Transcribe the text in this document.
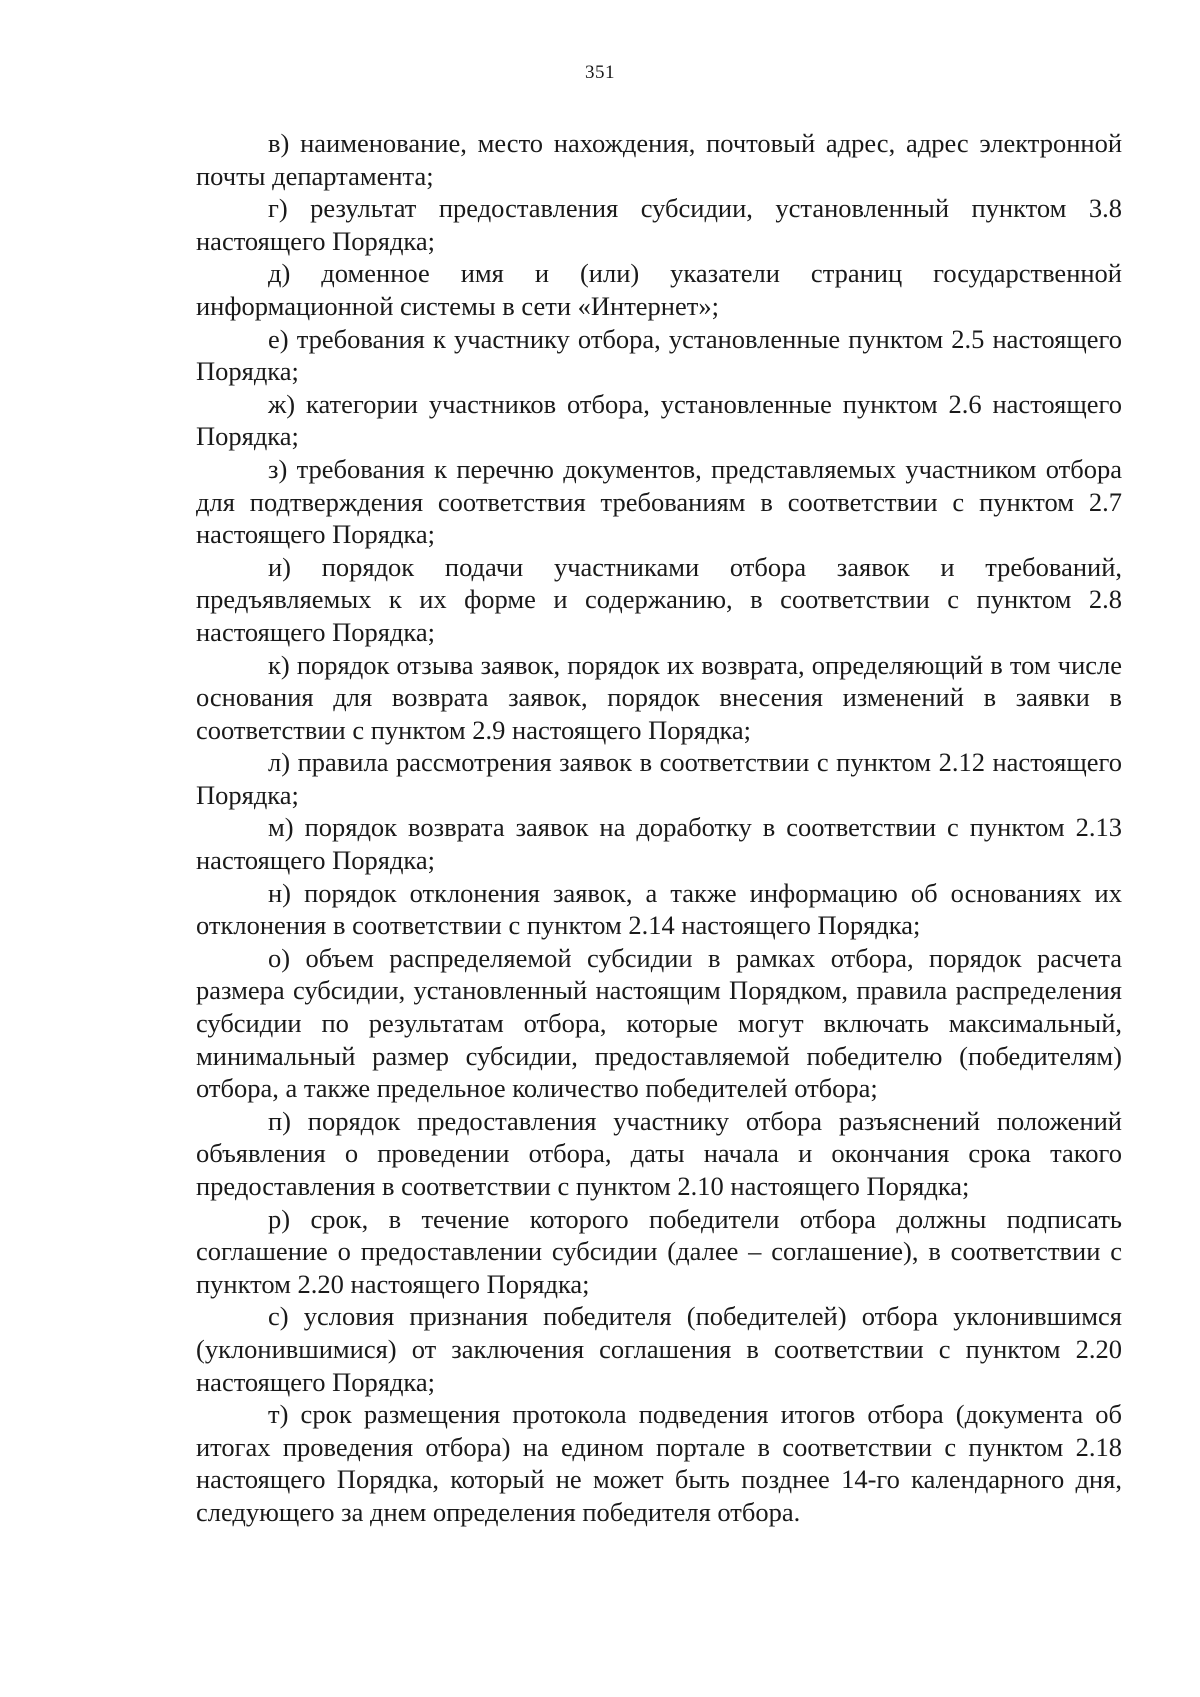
351

в) наименование, место нахождения, почтовый адрес, адрес электронной почты департамента;

г) результат предоставления субсидии, установленный пунктом 3.8 настоящего Порядка;

д) доменное имя и (или) указатели страниц государственной информационной системы в сети «Интернет»;

е) требования к участнику отбора, установленные пунктом 2.5 настоящего Порядка;

ж) категории участников отбора, установленные пунктом 2.6 настоящего Порядка;

з) требования к перечню документов, представляемых участником отбора для подтверждения соответствия требованиям в соответствии с пунктом 2.7 настоящего Порядка;

и) порядок подачи участниками отбора заявок и требований, предъявляемых к их форме и содержанию, в соответствии с пунктом 2.8 настоящего Порядка;

к) порядок отзыва заявок, порядок их возврата, определяющий в том числе основания для возврата заявок, порядок внесения изменений в заявки в соответствии с пунктом 2.9 настоящего Порядка;

л) правила рассмотрения заявок в соответствии с пунктом 2.12 настоящего Порядка;

м) порядок возврата заявок на доработку в соответствии с пунктом 2.13 настоящего Порядка;

н) порядок отклонения заявок, а также информацию об основаниях их отклонения в соответствии с пунктом 2.14 настоящего Порядка;

о) объем распределяемой субсидии в рамках отбора, порядок расчета размера субсидии, установленный настоящим Порядком, правила распределения субсидии по результатам отбора, которые могут включать максимальный, минимальный размер субсидии, предоставляемой победителю (победителям) отбора, а также предельное количество победителей отбора;

п) порядок предоставления участнику отбора разъяснений положений объявления о проведении отбора, даты начала и окончания срока такого предоставления в соответствии с пунктом 2.10 настоящего Порядка;

р) срок, в течение которого победители отбора должны подписать соглашение о предоставлении субсидии (далее – соглашение), в соответствии с пунктом 2.20 настоящего Порядка;

с) условия признания победителя (победителей) отбора уклонившимся (уклонившимися) от заключения соглашения в соответствии с пунктом 2.20 настоящего Порядка;

т) срок размещения протокола подведения итогов отбора (документа об итогах проведения отбора) на едином портале в соответствии с пунктом 2.18 настоящего Порядка, который не может быть позднее 14-го календарного дня, следующего за днем определения победителя отбора.
